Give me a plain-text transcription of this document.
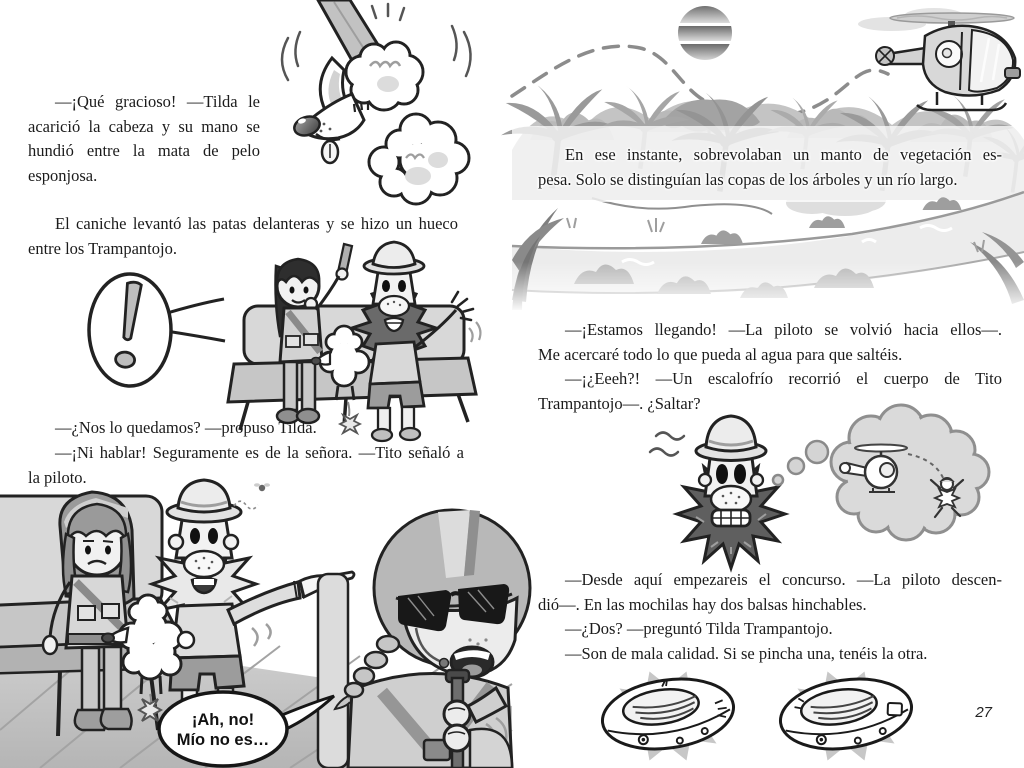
—¡Qué gracioso! —Tilda le
acarició la cabeza y su mano se
hundió entre la mata de pelo
esponjosa.
El caniche levantó las patas delanteras y se hizo un hueco
entre los Trampantojo.
—¿Nos lo quedamos? —propuso Tilda.
—¡Ni hablar! Seguramente es de la señora. —Tito señaló a
la piloto.
¡Ah, no!
Mío no es…
En ese instante, sobrevolaban un manto de vegetación es-
pesa. Solo se distinguían las copas de los árboles y un río largo.
—¡Estamos llegando! —La piloto se volvió hacia ellos—.
Me acercaré todo lo que pueda al agua para que saltéis.
—¡¿Eeeh?! —Un escalofrío recorrió el cuerpo de Tito
Trampantojo—. ¿Saltar?
—Desde aquí empezareis el concurso. —La piloto descen-
dió—. En las mochilas hay dos balsas hinchables.
—¿Dos? —preguntó Tilda Trampantojo.
—Son de mala calidad. Si se pincha una, tenéis la otra.
27
